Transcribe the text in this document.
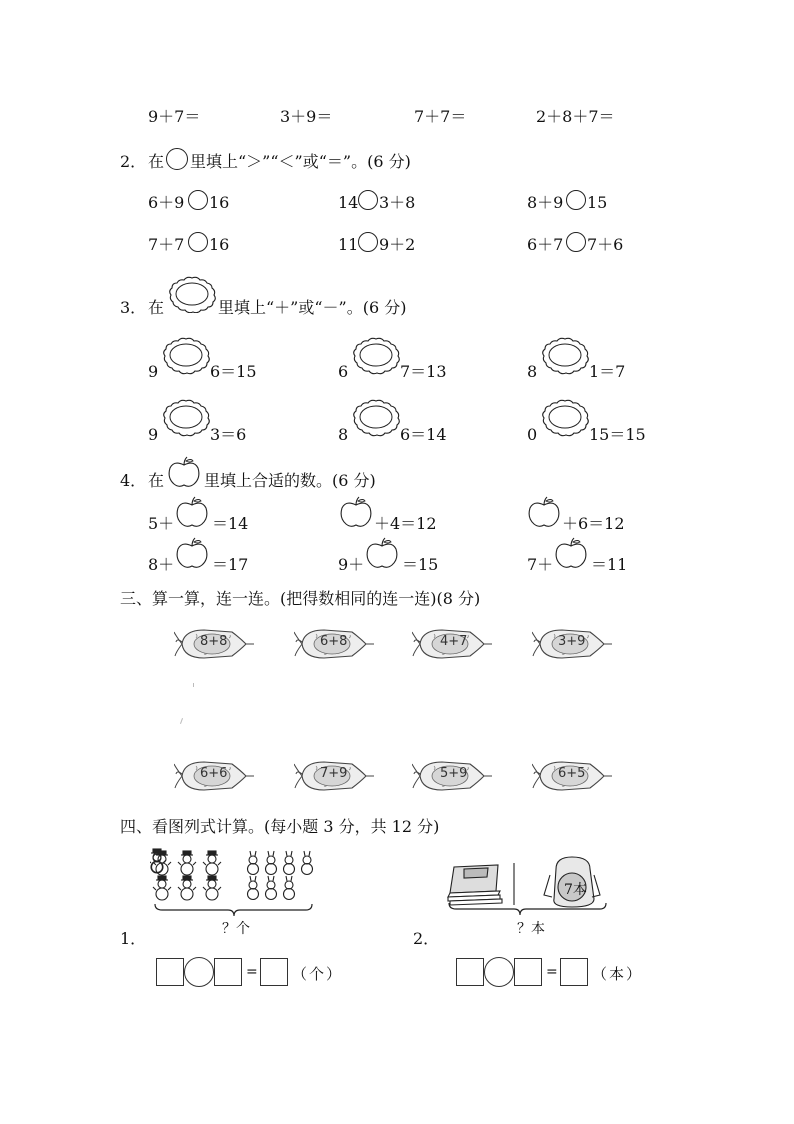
9＋7＝	3＋9＝	7＋7＝	2＋8＋7＝
2． 在 里填上“＞”“＜”或“＝”。(6 分)
6＋9 16	14 3＋8	8＋9 15
7＋7 16	11 9＋2	6＋7 7＋6
3． 在	里填上“＋”或“－”。(6 分)
9	6＝15	6	7＝13	8	1＝7
9	3＝6	8	6＝14	0	15＝15
4． 在 里填上合适的数。(6 分)
5＋ ＝14	＋4＝12	＋6＝12
8＋ ＝17	9＋ ＝15	7＋ ＝11
三、算一算，连一连。(把得数相同的连一连)(8 分)
8+8	6+8	4+7	3+9
6+6	7+9	5+9	6+5
四、看图列式计算。(每小题 3 分，共 12 分)
？个
1．
= （个）
7本
？本
2．
= （本）
